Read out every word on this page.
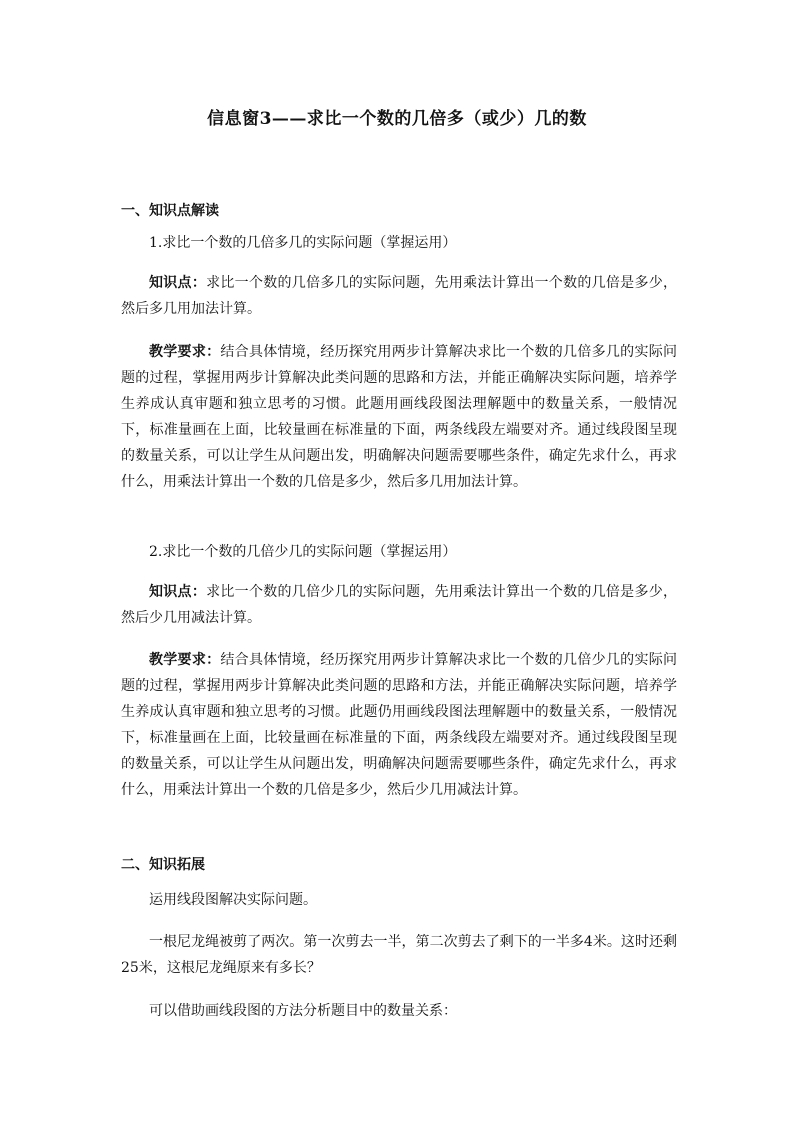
信息窗3——求比一个数的几倍多（或少）几的数
一、知识点解读

1.求比一个数的几倍多几的实际问题（掌握运用）

知识点：求比一个数的几倍多几的实际问题，先用乘法计算出一个数的几倍是多少，然后多几用加法计算。

教学要求：结合具体情境，经历探究用两步计算解决求比一个数的几倍多几的实际问题的过程，掌握用两步计算解决此类问题的思路和方法，并能正确解决实际问题，培养学生养成认真审题和独立思考的习惯。此题用画线段图法理解题中的数量关系，一般情况下，标准量画在上面，比较量画在标准量的下面，两条线段左端要对齐。通过线段图呈现的数量关系，可以让学生从问题出发，明确解决问题需要哪些条件，确定先求什么，再求什么，用乘法计算出一个数的几倍是多少，然后多几用加法计算。

2.求比一个数的几倍少几的实际问题（掌握运用）

知识点：求比一个数的几倍少几的实际问题，先用乘法计算出一个数的几倍是多少，然后少几用减法计算。

教学要求：结合具体情境，经历探究用两步计算解决求比一个数的几倍少几的实际问题的过程，掌握用两步计算解决此类问题的思路和方法，并能正确解决实际问题，培养学生养成认真审题和独立思考的习惯。此题仍用画线段图法理解题中的数量关系，一般情况下，标准量画在上面，比较量画在标准量的下面，两条线段左端要对齐。通过线段图呈现的数量关系，可以让学生从问题出发，明确解决问题需要哪些条件，确定先求什么，再求什么，用乘法计算出一个数的几倍是多少，然后少几用减法计算。

二、知识拓展

运用线段图解决实际问题。

一根尼龙绳被剪了两次。第一次剪去一半，第二次剪去了剩下的一半多4米。这时还剩25米，这根尼龙绳原来有多长？

可以借助画线段图的方法分析题目中的数量关系：
